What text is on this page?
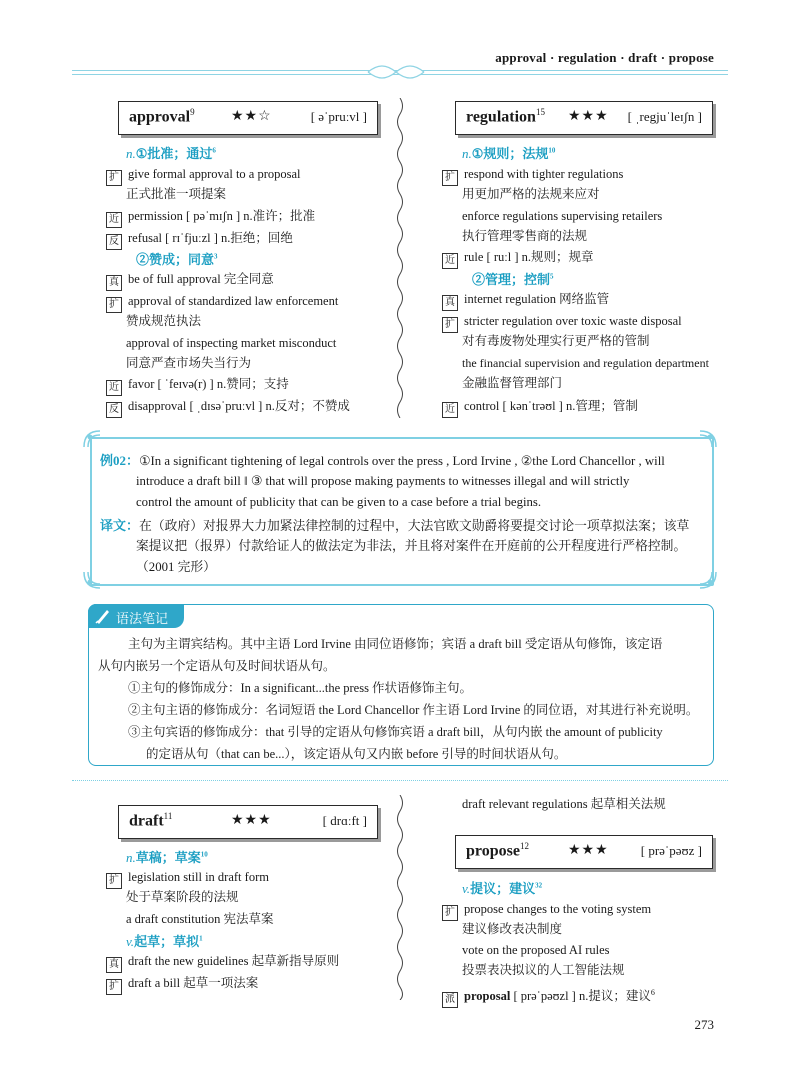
approval · regulation · draft · propose
approval$^9$	★★☆	[ əˈpruːvl ]
n.①批准；通过$^6$
扩 give formal approval to a proposal
正式批准一项提案
近 permission [ pəˈmɪʃn ] n.准许；批准
反 refusal [ rɪˈfjuːzl ] n.拒绝；回绝
②赞成；同意$^3$
真 be of full approval 完全同意
扩 approval of standardized law enforcement
赞成规范执法
approval of inspecting market misconduct
同意严查市场失当行为
近 favor [ ˈfeɪvə(r) ] n.赞同；支持
反 disapproval [ ˌdɪsəˈpruːvl ] n.反对；不赞成
regulation$^{15}$ ★★★ [ ˌregjuˈleɪʃn ]
n.①规则；法规$^{10}$
扩 respond with tighter regulations
用更加严格的法规来应对
enforce regulations supervising retailers
执行管理零售商的法规
近 rule [ ruːl ] n.规则；规章
②管理；控制$^5$
真 internet regulation 网络监管
扩 stricter regulation over toxic waste disposal
对有毒废物处理实行更严格的管制
the financial supervision and regulation department
金融监督管理部门
近 control [ kənˈtrəʊl ] n.管理；管制
例02：①In a significant tightening of legal controls over the press , Lord Irvine , ②the Lord Chancellor , will
introduce a draft bill ‖ ③ that will propose making payments to witnesses illegal and will strictly
control the amount of publicity that can be given to a case before a trial begins.
译文：在（政府）对报界大力加紧法律控制的过程中，大法官欧文勋爵将要提交讨论一项草拟法案；该草
案提议把（报界）付款给证人的做法定为非法，并且将对案件在开庭前的公开程度进行严格控制。
（2001 完形）
语法笔记
主句为主谓宾结构。其中主语 Lord Irvine 由同位语修饰；宾语 a draft bill 受定语从句修饰，该定语
从句内嵌另一个定语从句及时间状语从句。
①主句的修饰成分：In a significant...the press 作状语修饰主句。
②主句主语的修饰成分：名词短语 the Lord Chancellor 作主语 Lord Irvine 的同位语，对其进行补充说明。
③主句宾语的修饰成分：that 引导的定语从句修饰宾语 a draft bill，从句内嵌 the amount of publicity
的定语从句（that can be...），该定语从句又内嵌 before 引导的时间状语从句。
draft$^{11}$	★★★	[ drɑːft ]
n.草稿；草案$^{10}$
扩 legislation still in draft form
处于草案阶段的法规
a draft constitution 宪法草案
v.起草；草拟$^1$
真 draft the new guidelines 起草新指导原则
扩 draft a bill 起草一项法案
draft relevant regulations 起草相关法规
propose$^{12}$	★★★ [ prəˈpəʊz ]
v.提议；建议$^{32}$
扩 propose changes to the voting system
建议修改表决制度
vote on the proposed AI rules
投票表决拟议的人工智能法规
派 proposal [ prəˈpəʊzl ] n.提议；建议$^6$
273
